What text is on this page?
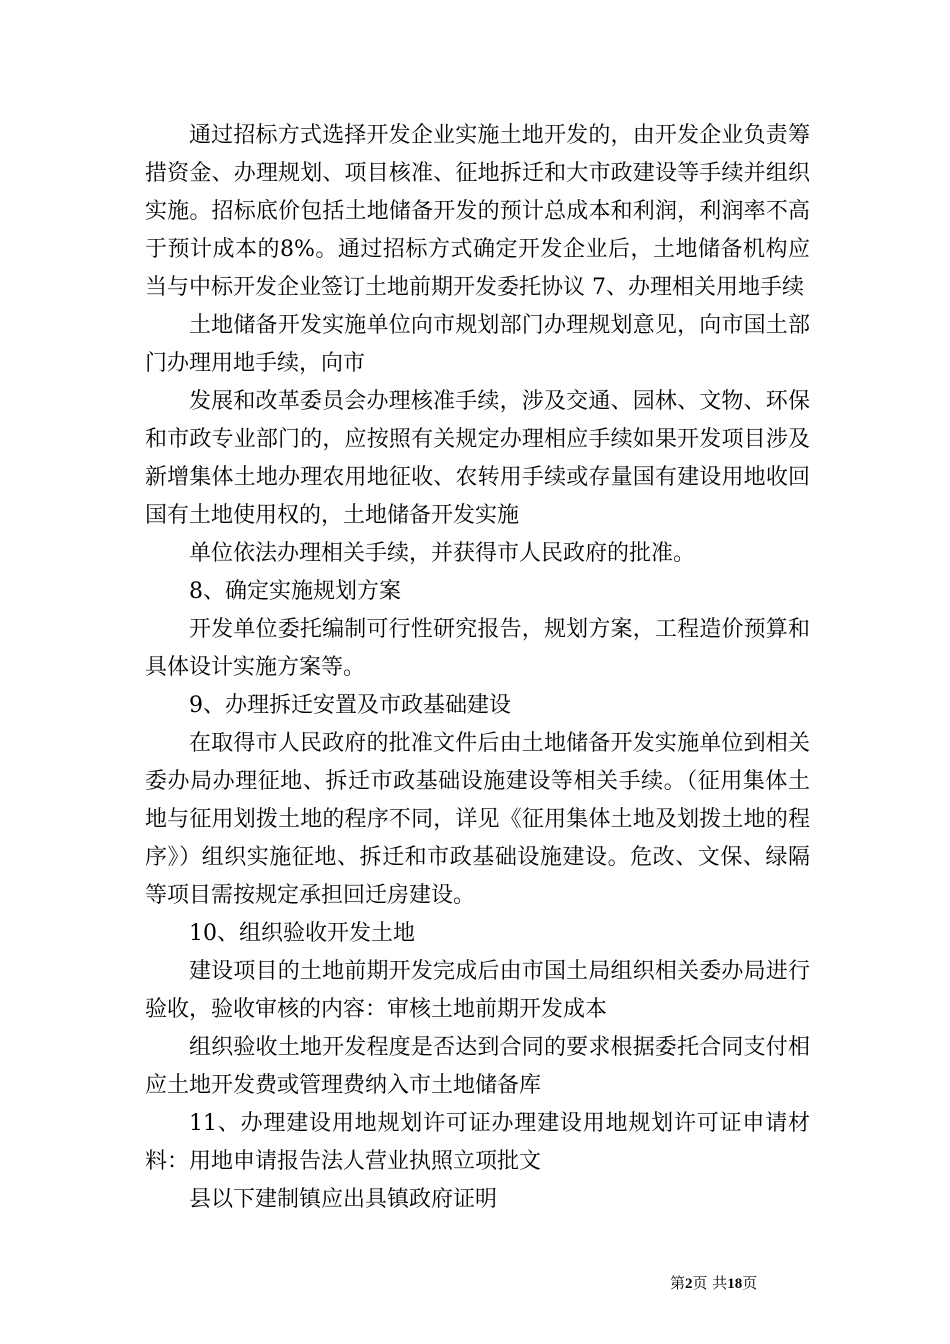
通过招标方式选择开发企业实施土地开发的，由开发企业负责筹措资金、办理规划、项目核准、征地拆迁和大市政建设等手续并组织实施。招标底价包括土地储备开发的预计总成本和利润，利润率不高于预计成本的8%。通过招标方式确定开发企业后，土地储备机构应当与中标开发企业签订土地前期开发委托协议 7、办理相关用地手续

土地储备开发实施单位向市规划部门办理规划意见，向市国土部门办理用地手续，向市

发展和改革委员会办理核准手续，涉及交通、园林、文物、环保和市政专业部门的，应按照有关规定办理相应手续如果开发项目涉及新增集体土地办理农用地征收、农转用手续或存量国有建设用地收回国有土地使用权的，土地储备开发实施

单位依法办理相关手续，并获得市人民政府的批准。

8、确定实施规划方案

开发单位委托编制可行性研究报告，规划方案，工程造价预算和具体设计实施方案等。

9、办理拆迁安置及市政基础建设

在取得市人民政府的批准文件后由土地储备开发实施单位到相关委办局办理征地、拆迁市政基础设施建设等相关手续。（征用集体土地与征用划拨土地的程序不同，详见《征用集体土地及划拨土地的程序》）组织实施征地、拆迁和市政基础设施建设。危改、文保、绿隔等项目需按规定承担回迁房建设。

10、组织验收开发土地

建设项目的土地前期开发完成后由市国土局组织相关委办局进行验收，验收审核的内容：审核土地前期开发成本

组织验收土地开发程度是否达到合同的要求根据委托合同支付相应土地开发费或管理费纳入市土地储备库

11、办理建设用地规划许可证办理建设用地规划许可证申请材料：用地申请报告法人营业执照立项批文

县以下建制镇应出具镇政府证明

第2页 共18页
